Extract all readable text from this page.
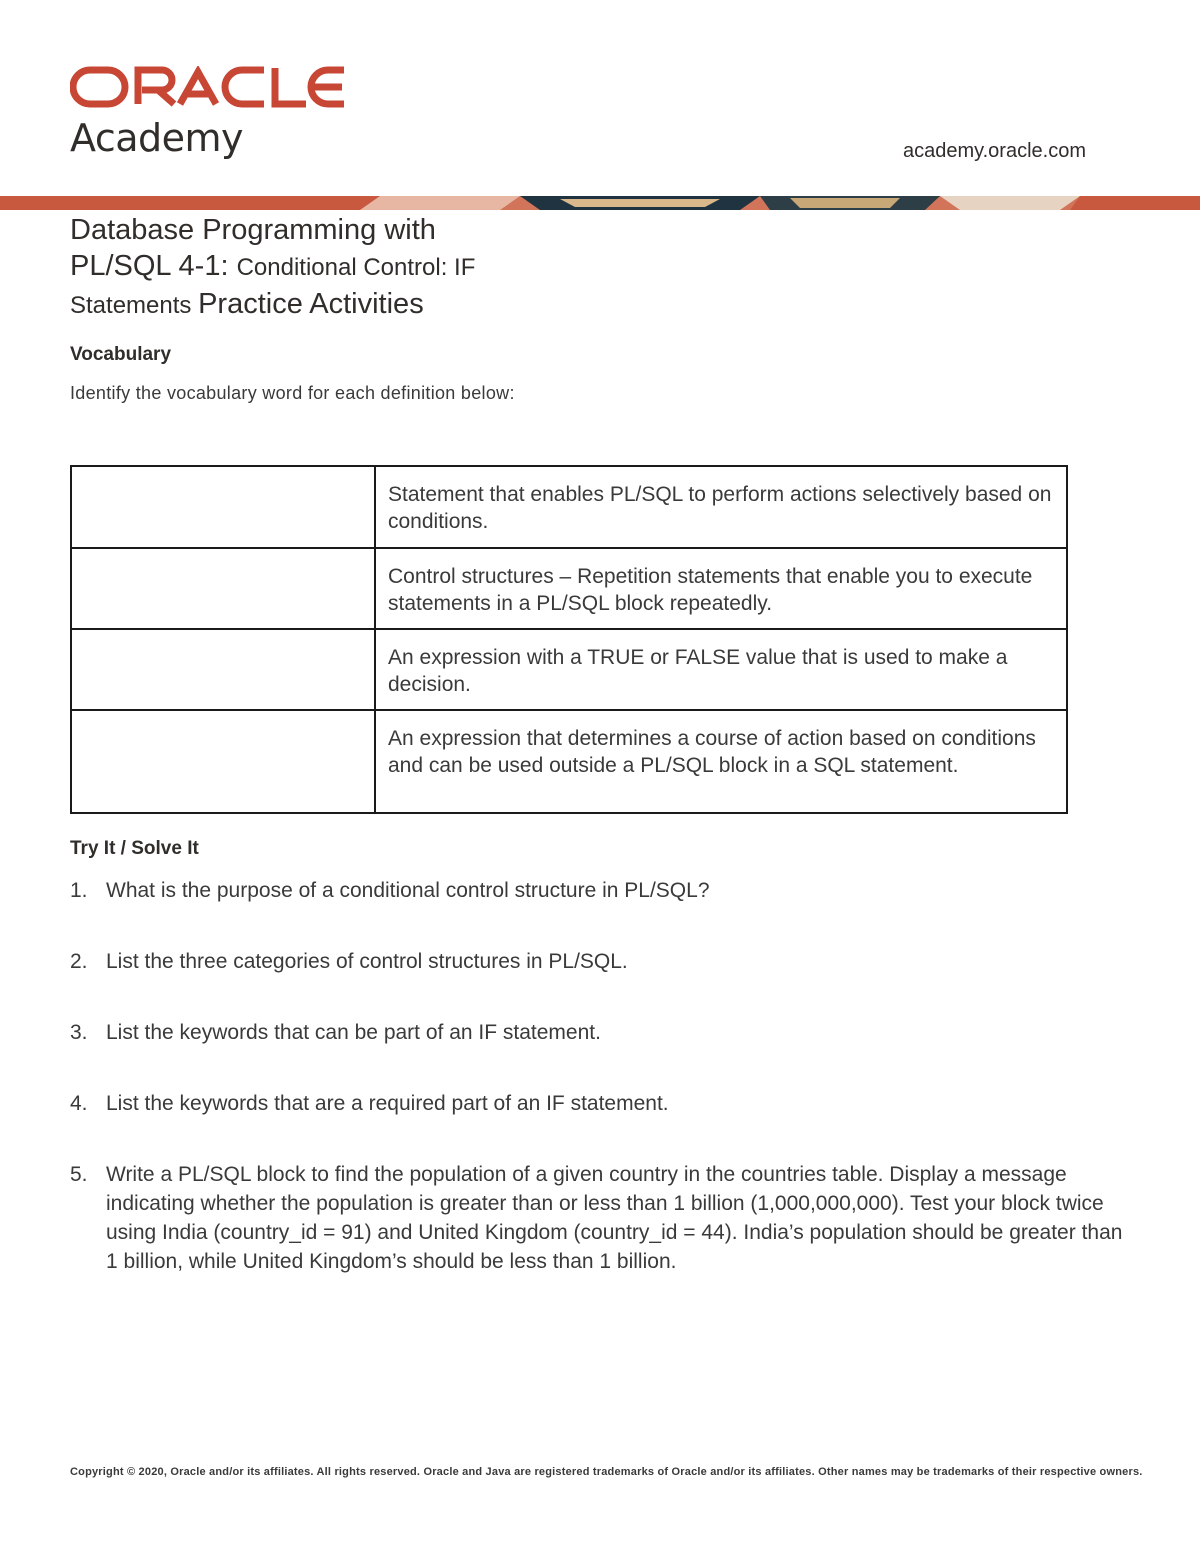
Academy	academy.oracle.com
Database Programming with
PL/SQL 4-1: Conditional Control: IF
Statements Practice Activities
Vocabulary
Identify the vocabulary word for each definition below:
	Statement that enables PL/SQL to perform actions selectively based on conditions.
	Control structures – Repetition statements that enable you to execute statements in a PL/SQL block repeatedly.
	An expression with a TRUE or FALSE value that is used to make a decision.
	An expression that determines a course of action based on conditions and can be used outside a PL/SQL block in a SQL statement.
Try It / Solve It
1. What is the purpose of a conditional control structure in PL/SQL?
2. List the three categories of control structures in PL/SQL.
3. List the keywords that can be part of an IF statement.
4. List the keywords that are a required part of an IF statement.
5. Write a PL/SQL block to find the population of a given country in the countries table. Display a message indicating whether the population is greater than or less than 1 billion (1,000,000,000). Test your block twice using India (country_id = 91) and United Kingdom (country_id = 44). India’s population should be greater than 1 billion, while United Kingdom’s should be less than 1 billion.
Copyright © 2020, Oracle and/or its affiliates. All rights reserved. Oracle and Java are registered trademarks of Oracle and/or its affiliates. Other names may be trademarks of their respective owners.
